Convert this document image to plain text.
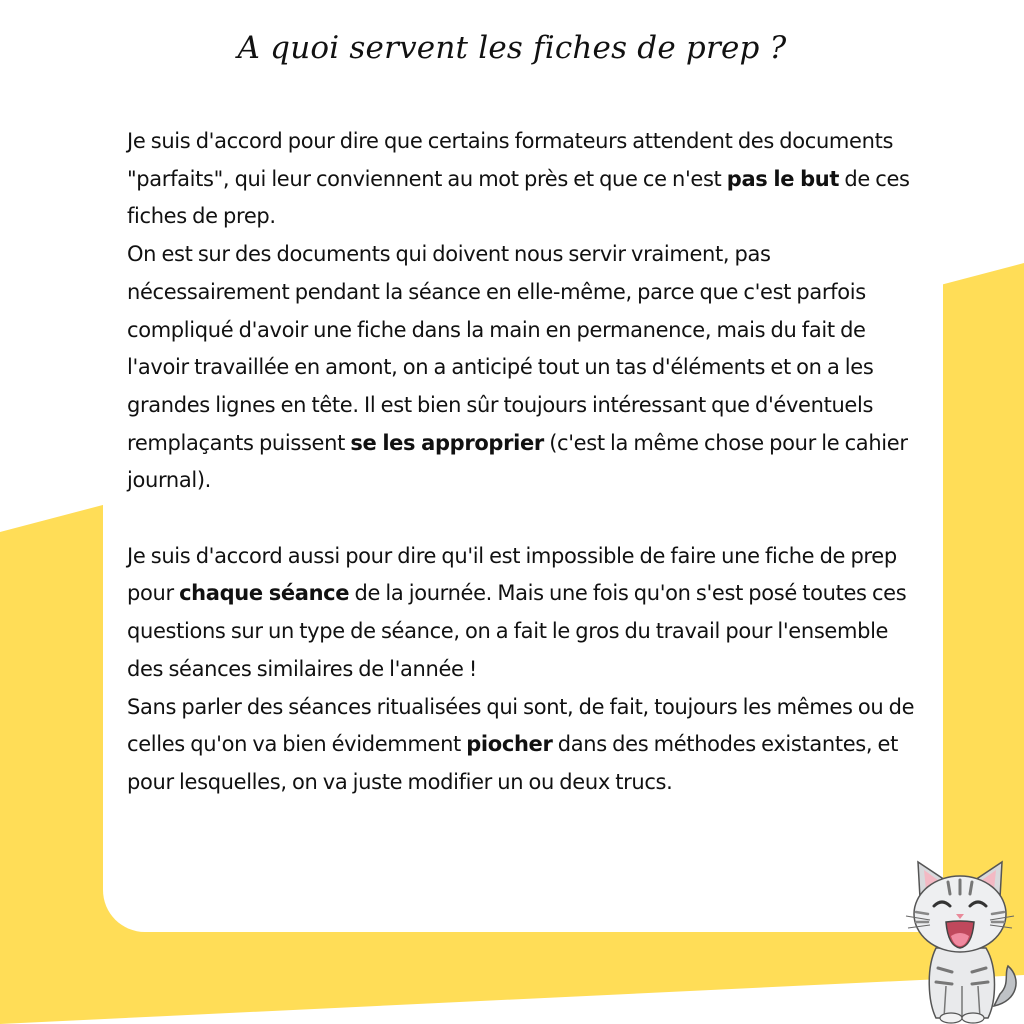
A quoi servent les fiches de prep ?

Je suis d'accord pour dire que certains formateurs attendent des documents "parfaits", qui leur conviennent au mot près et que ce n'est pas le but de ces fiches de prep.

On est sur des documents qui doivent nous servir vraiment, pas nécessairement pendant la séance en elle-même, parce que c'est parfois compliqué d'avoir une fiche dans la main en permanence, mais du fait de l'avoir travaillée en amont, on a anticipé tout un tas d'éléments et on a les grandes lignes en tête. Il est bien sûr toujours intéressant que d'éventuels remplaçants puissent se les approprier (c'est la même chose pour le cahier journal).

Je suis d'accord aussi pour dire qu'il est impossible de faire une fiche de prep pour chaque séance de la journée. Mais une fois qu'on s'est posé toutes ces questions sur un type de séance, on a fait le gros du travail pour l'ensemble des séances similaires de l'année !

Sans parler des séances ritualisées qui sont, de fait, toujours les mêmes ou de celles qu'on va bien évidemment piocher dans des méthodes existantes, et pour lesquelles, on va juste modifier un ou deux trucs.
